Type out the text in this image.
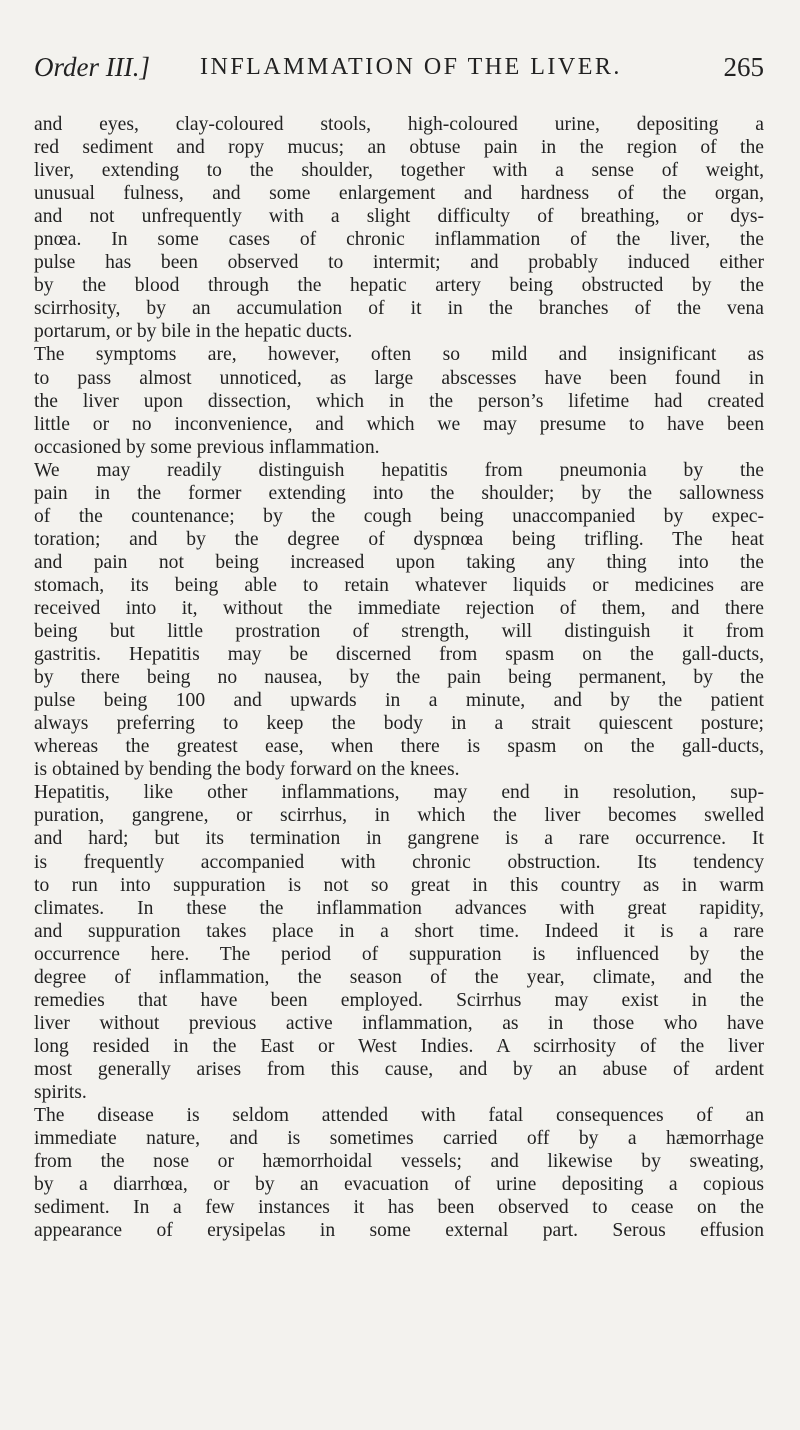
Order III.] INFLAMMATION OF THE LIVER.	265
and eyes, clay-coloured stools, high-coloured urine, depositing a
red sediment and ropy mucus; an obtuse pain in the region of the
liver, extending to the shoulder, together with a sense of weight,
unusual fulness, and some enlargement and hardness of the organ,
and not unfrequently with a slight difficulty of breathing, or dys-
pnœa. In some cases of chronic inflammation of the liver, the
pulse has been observed to intermit; and probably induced either
by the blood through the hepatic artery being obstructed by the
scirrhosity, by an accumulation of it in the branches of the vena
portarum, or by bile in the hepatic ducts.
The symptoms are, however, often so mild and insignificant as
to pass almost unnoticed, as large abscesses have been found in
the liver upon dissection, which in the person’s lifetime had created
little or no inconvenience, and which we may presume to have been
occasioned by some previous inflammation.
We may readily distinguish hepatitis from pneumonia by the
pain in the former extending into the shoulder; by the sallowness
of the countenance; by the cough being unaccompanied by expec-
toration; and by the degree of dyspnœa being trifling. The heat
and pain not being increased upon taking any thing into the
stomach, its being able to retain whatever liquids or medicines are
received into it, without the immediate rejection of them, and there
being but little prostration of strength, will distinguish it from
gastritis. Hepatitis may be discerned from spasm on the gall-ducts,
by there being no nausea, by the pain being permanent, by the
pulse being 100 and upwards in a minute, and by the patient
always preferring to keep the body in a strait quiescent posture;
whereas the greatest ease, when there is spasm on the gall-ducts,
is obtained by bending the body forward on the knees.
Hepatitis, like other inflammations, may end in resolution, sup-
puration, gangrene, or scirrhus, in which the liver becomes swelled
and hard; but its termination in gangrene is a rare occurrence. It
is frequently accompanied with chronic obstruction. Its tendency
to run into suppuration is not so great in this country as in warm
climates. In these the inflammation advances with great rapidity,
and suppuration takes place in a short time. Indeed it is a rare
occurrence here. The period of suppuration is influenced by the
degree of inflammation, the season of the year, climate, and the
remedies that have been employed. Scirrhus may exist in the
liver without previous active inflammation, as in those who have
long resided in the East or West Indies. A scirrhosity of the liver
most generally arises from this cause, and by an abuse of ardent
spirits.
The disease is seldom attended with fatal consequences of an
immediate nature, and is sometimes carried off by a hæmorrhage
from the nose or hæmorrhoidal vessels; and likewise by sweating,
by a diarrhœa, or by an evacuation of urine depositing a copious
sediment. In a few instances it has been observed to cease on the
appearance of erysipelas in some external part. Serous effusion
